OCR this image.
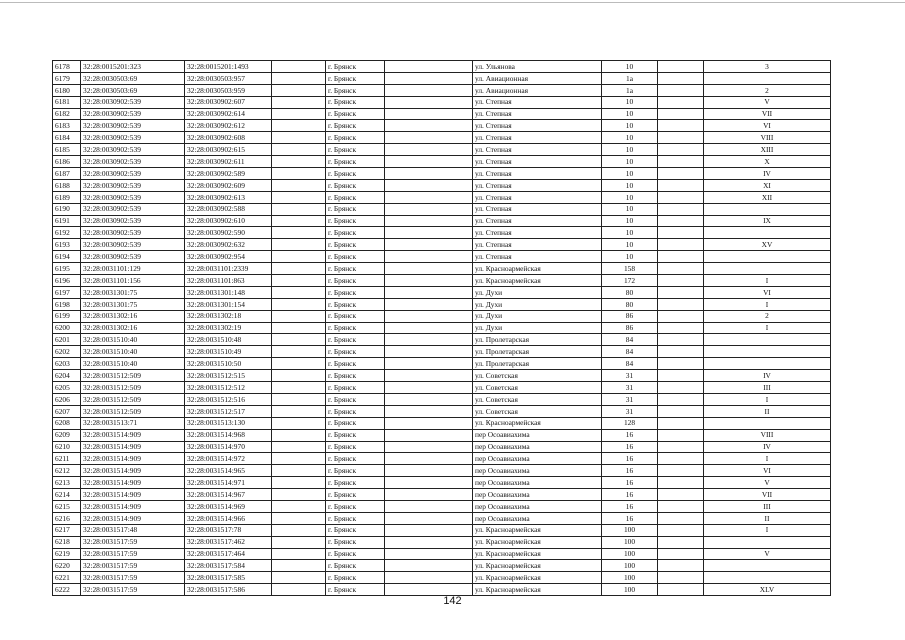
6178	32:28:0015201:323	32:28:0015201:1493		г. Брянск		ул. Ульянова	10		3
6179	32:28:0030503:69	32:28:0030503:957		г. Брянск		ул. Авиационная	1а		
6180	32:28:0030503:69	32:28:0030503:959		г. Брянск		ул. Авиационная	1а		2
6181	32:28:0030902:539	32:28:0030902:607		г. Брянск		ул. Степная	10		V
6182	32:28:0030902:539	32:28:0030902:614		г. Брянск		ул. Степная	10		VII
6183	32:28:0030902:539	32:28:0030902:612		г. Брянск		ул. Степная	10		VI
6184	32:28:0030902:539	32:28:0030902:608		г. Брянск		ул. Степная	10		VIII
6185	32:28:0030902:539	32:28:0030902:615		г. Брянск		ул. Степная	10		XIII
6186	32:28:0030902:539	32:28:0030902:611		г. Брянск		ул. Степная	10		X
6187	32:28:0030902:539	32:28:0030902:589		г. Брянск		ул. Степная	10		IV
6188	32:28:0030902:539	32:28:0030902:609		г. Брянск		ул. Степная	10		XI
6189	32:28:0030902:539	32:28:0030902:613		г. Брянск		ул. Степная	10		XII
6190	32:28:0030902:539	32:28:0030902:588		г. Брянск		ул. Степная	10		
6191	32:28:0030902:539	32:28:0030902:610		г. Брянск		ул. Степная	10		IX
6192	32:28:0030902:539	32:28:0030902:590		г. Брянск		ул. Степная	10		
6193	32:28:0030902:539	32:28:0030902:632		г. Брянск		ул. Степная	10		XV
6194	32:28:0030902:539	32:28:0030902:954		г. Брянск		ул. Степная	10		
6195	32:28:0031101:129	32:28:0031101:2339		г. Брянск		ул. Красноармейская	158		
6196	32:28:0031101:156	32:28:0031101:863		г. Брянск		ул. Красноармейская	172		I
6197	32:28:0031301:75	32:28:0031301:148		г. Брянск		ул. Духи	80		VI
6198	32:28:0031301:75	32:28:0031301:154		г. Брянск		ул. Духи	80		I
6199	32:28:0031302:16	32:28:0031302:18		г. Брянск		ул. Духи	86		2
6200	32:28:0031302:16	32:28:0031302:19		г. Брянск		ул. Духи	86		I
6201	32:28:0031510:40	32:28:0031510:48		г. Брянск		ул. Пролетарская	84		
6202	32:28:0031510:40	32:28:0031510:49		г. Брянск		ул. Пролетарская	84		
6203	32:28:0031510:40	32:28:0031510:50		г. Брянск		ул. Пролетарская	84		
6204	32:28:0031512:509	32:28:0031512:515		г. Брянск		ул. Советская	31		IV
6205	32:28:0031512:509	32:28:0031512:512		г. Брянск		ул. Советская	31		III
6206	32:28:0031512:509	32:28:0031512:516		г. Брянск		ул. Советская	31		I
6207	32:28:0031512:509	32:28:0031512:517		г. Брянск		ул. Советская	31		II
6208	32:28:0031513:71	32:28:0031513:130		г. Брянск		ул. Красноармейская	128		
6209	32:28:0031514:909	32:28:0031514:968		г. Брянск		пер Осоавиахима	16		VIII
6210	32:28:0031514:909	32:28:0031514:970		г. Брянск		пер Осоавиахима	16		IV
6211	32:28:0031514:909	32:28:0031514:972		г. Брянск		пер Осоавиахима	16		I
6212	32:28:0031514:909	32:28:0031514:965		г. Брянск		пер Осоавиахима	16		VI
6213	32:28:0031514:909	32:28:0031514:971		г. Брянск		пер Осоавиахима	16		V
6214	32:28:0031514:909	32:28:0031514:967		г. Брянск		пер Осоавиахима	16		VII
6215	32:28:0031514:909	32:28:0031514:969		г. Брянск		пер Осоавиахима	16		III
6216	32:28:0031514:909	32:28:0031514:966		г. Брянск		пер Осоавиахима	16		II
6217	32:28:0031517:48	32:28:0031517:78		г. Брянск		ул. Красноармейская	100		I
6218	32:28:0031517:59	32:28:0031517:462		г. Брянск		ул. Красноармейская	100		
6219	32:28:0031517:59	32:28:0031517:464		г. Брянск		ул. Красноармейская	100		V
6220	32:28:0031517:59	32:28:0031517:584		г. Брянск		ул. Красноармейская	100		
6221	32:28:0031517:59	32:28:0031517:585		г. Брянск		ул. Красноармейская	100		
6222	32:28:0031517:59	32:28:0031517:586		г. Брянск		ул. Красноармейская	100		XLV
142
